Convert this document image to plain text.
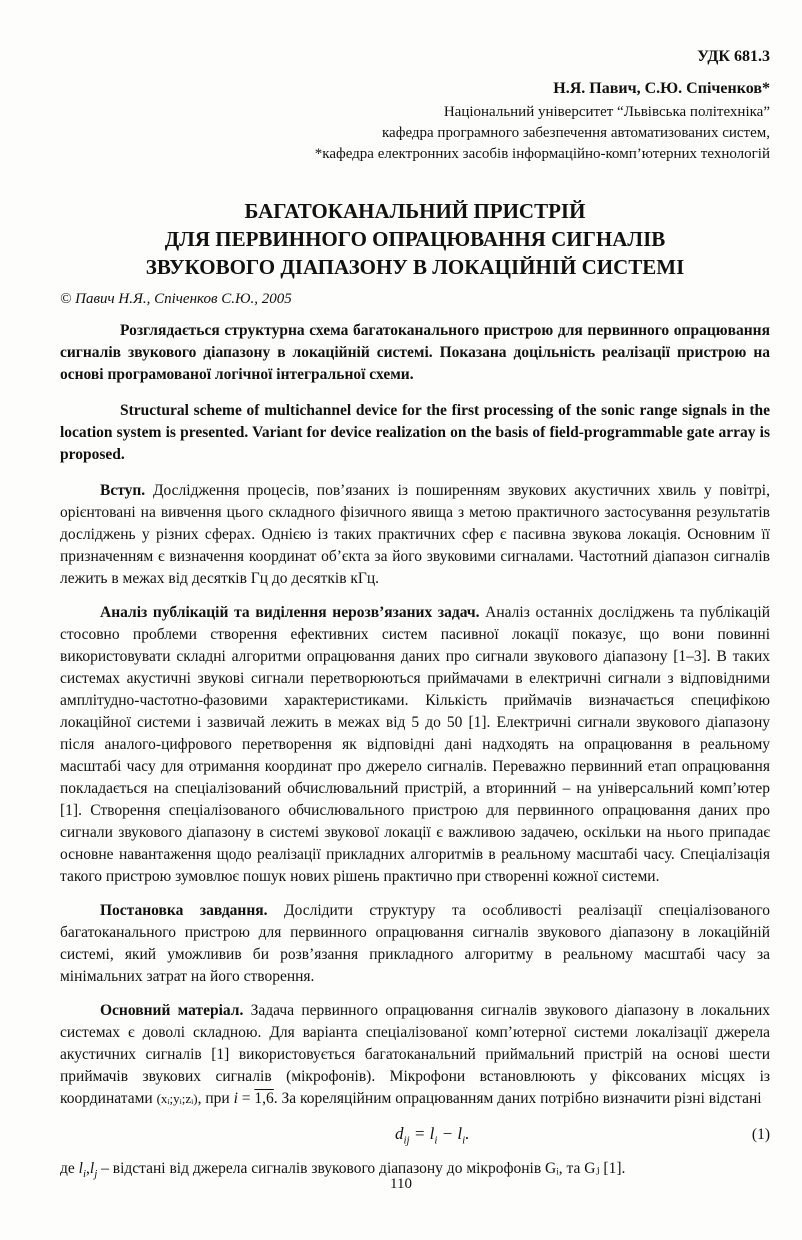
УДК 681.3

Н.Я. Павич, С.Ю. Спіченков*

Національний університет “Львівська політехніка”

кафедра програмного забезпечення автоматизованих систем,

*кафедра електронних засобів інформаційно-комп’ютерних технологій

БАГАТОКАНАЛЬНИЙ ПРИСТРІЙ
ДЛЯ ПЕРВИННОГО ОПРАЦЮВАННЯ СИГНАЛІВ
ЗВУКОВОГО ДІАПАЗОНУ В ЛОКАЦІЙНІЙ СИСТЕМІ

© Павич Н.Я., Спіченков С.Ю., 2005

Розглядається структурна схема багатоканального пристрою для первинного опрацювання сигналів звукового діапазону в локаційній системі. Показана доцільність реалізації пристрою на основі програмованої логічної інтегральної схеми.

Structural scheme of multichannel device for the first processing of the sonic range signals in the location system is presented. Variant for device realization on the basis of field-programmable gate array is proposed.

Вступ. Дослідження процесів, пов’язаних із поширенням звукових акустичних хвиль у повітрі, орієнтовані на вивчення цього складного фізичного явища з метою практичного застосування результатів досліджень у різних сферах. Однією із таких практичних сфер є пасивна звукова локація. Основним її призначенням є визначення координат об’єкта за його звуковими сигналами. Частотний діапазон сигналів лежить в межах від десятків Гц до десятків кГц.

Аналіз публікацій та виділення нерозв’язаних задач. Аналіз останніх досліджень та публікацій стосовно проблеми створення ефективних систем пасивної локації показує, що вони повинні використовувати складні алгоритми опрацювання даних про сигнали звукового діапазону [1–3]. В таких системах акустичні звукові сигнали перетворюються приймачами в електричні сигнали з відповідними амплітудно-частотно-фазовими характеристиками. Кількість приймачів визначається специфікою локаційної системи і зазвичай лежить в межах від 5 до 50 [1]. Електричні сигнали звукового діапазону після аналого-цифрового перетворення як відповідні дані надходять на опрацювання в реальному масштабі часу для отримання координат про джерело сигналів. Переважно первинний етап опрацювання покладається на спеціалізований обчислювальний пристрій, а вторинний – на універсальний комп’ютер [1]. Створення спеціалізованого обчислювального пристрою для первинного опрацювання даних про сигнали звукового діапазону в системі звукової локації є важливою задачею, оскільки на нього припадає основне навантаження щодо реалізації прикладних алгоритмів в реальному масштабі часу. Спеціалізація такого пристрою зумовлює пошук нових рішень практично при створенні кожної системи.

Постановка завдання. Дослідити структуру та особливості реалізації спеціалізованого багатоканального пристрою для первинного опрацювання сигналів звукового діапазону в локаційній системі, який уможливив би розв’язання прикладного алгоритму в реальному масштабі часу за мінімальних затрат на його створення.

Основний матеріал. Задача первинного опрацювання сигналів звукового діапазону в локальних системах є доволі складною. Для варіанта спеціалізованої комп’ютерної системи локалізації джерела акустичних сигналів [1] використовується багатоканальний приймальний пристрій на основі шести приймачів звукових сигналів (мікрофонів). Мікрофони встановлюють у фіксованих місцях із координатами (xᵢ;yᵢ;zᵢ), при i = 1,6. За кореляційним опрацюванням даних потрібно визначити різні відстані

$d_{ij} = l_i - l_i$.	(1)

де $l_i,l_j$ – відстані від джерела сигналів звукового діапазону до мікрофонів Gᵢ, та Gⱼ [1].

110
